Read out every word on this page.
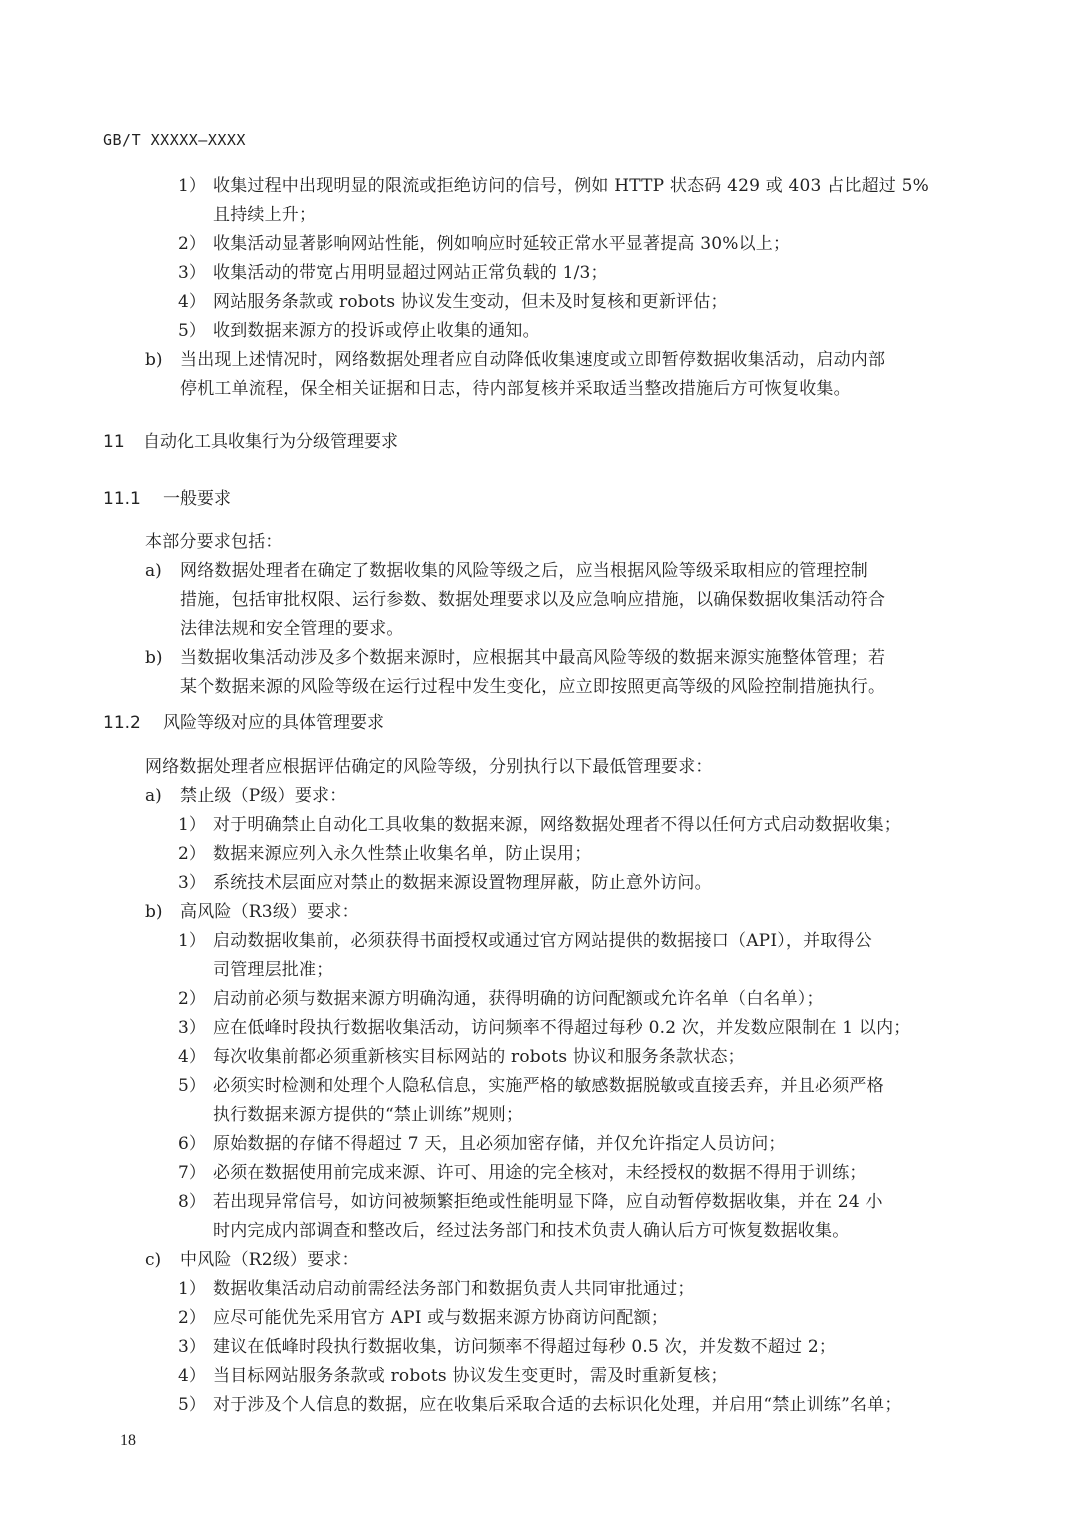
GB/T XXXXX—XXXX
1） 收集过程中出现明显的限流或拒绝访问的信号，例如 HTTP 状态码 429 或 403 占比超过 5%
且持续上升；
2） 收集活动显著影响网站性能，例如响应时延较正常水平显著提高 30%以上；
3） 收集活动的带宽占用明显超过网站正常负载的 1/3；
4） 网站服务条款或 robots 协议发生变动，但未及时复核和更新评估；
5） 收到数据来源方的投诉或停止收集的通知。
b) 当出现上述情况时，网络数据处理者应自动降低收集速度或立即暂停数据收集活动，启动内部
停机工单流程，保全相关证据和日志，待内部复核并采取适当整改措施后方可恢复收集。
11 自动化工具收集行为分级管理要求
11.1 一般要求
本部分要求包括：
a) 网络数据处理者在确定了数据收集的风险等级之后，应当根据风险等级采取相应的管理控制
措施，包括审批权限、运行参数、数据处理要求以及应急响应措施，以确保数据收集活动符合
法律法规和安全管理的要求。
b) 当数据收集活动涉及多个数据来源时，应根据其中最高风险等级的数据来源实施整体管理；若
某个数据来源的风险等级在运行过程中发生变化，应立即按照更高等级的风险控制措施执行。
11.2 风险等级对应的具体管理要求
网络数据处理者应根据评估确定的风险等级，分别执行以下最低管理要求：
a) 禁止级（P级）要求：
1） 对于明确禁止自动化工具收集的数据来源，网络数据处理者不得以任何方式启动数据收集；
2） 数据来源应列入永久性禁止收集名单，防止误用；
3） 系统技术层面应对禁止的数据来源设置物理屏蔽，防止意外访问。
b) 高风险（R3级）要求：
1） 启动数据收集前，必须获得书面授权或通过官方网站提供的数据接口（API），并取得公
司管理层批准；
2） 启动前必须与数据来源方明确沟通，获得明确的访问配额或允许名单（白名单）；
3） 应在低峰时段执行数据收集活动，访问频率不得超过每秒 0.2 次，并发数应限制在 1 以内；
4） 每次收集前都必须重新核实目标网站的 robots 协议和服务条款状态；
5） 必须实时检测和处理个人隐私信息，实施严格的敏感数据脱敏或直接丢弃，并且必须严格
执行数据来源方提供的“禁止训练”规则；
6） 原始数据的存储不得超过 7 天，且必须加密存储，并仅允许指定人员访问；
7） 必须在数据使用前完成来源、许可、用途的完全核对，未经授权的数据不得用于训练；
8） 若出现异常信号，如访问被频繁拒绝或性能明显下降，应自动暂停数据收集，并在 24 小
时内完成内部调查和整改后，经过法务部门和技术负责人确认后方可恢复数据收集。
c) 中风险（R2级）要求：
1） 数据收集活动启动前需经法务部门和数据负责人共同审批通过；
2） 应尽可能优先采用官方 API 或与数据来源方协商访问配额；
3） 建议在低峰时段执行数据收集，访问频率不得超过每秒 0.5 次，并发数不超过 2；
4） 当目标网站服务条款或 robots 协议发生变更时，需及时重新复核；
5） 对于涉及个人信息的数据，应在收集后采取合适的去标识化处理，并启用“禁止训练”名单；
18
